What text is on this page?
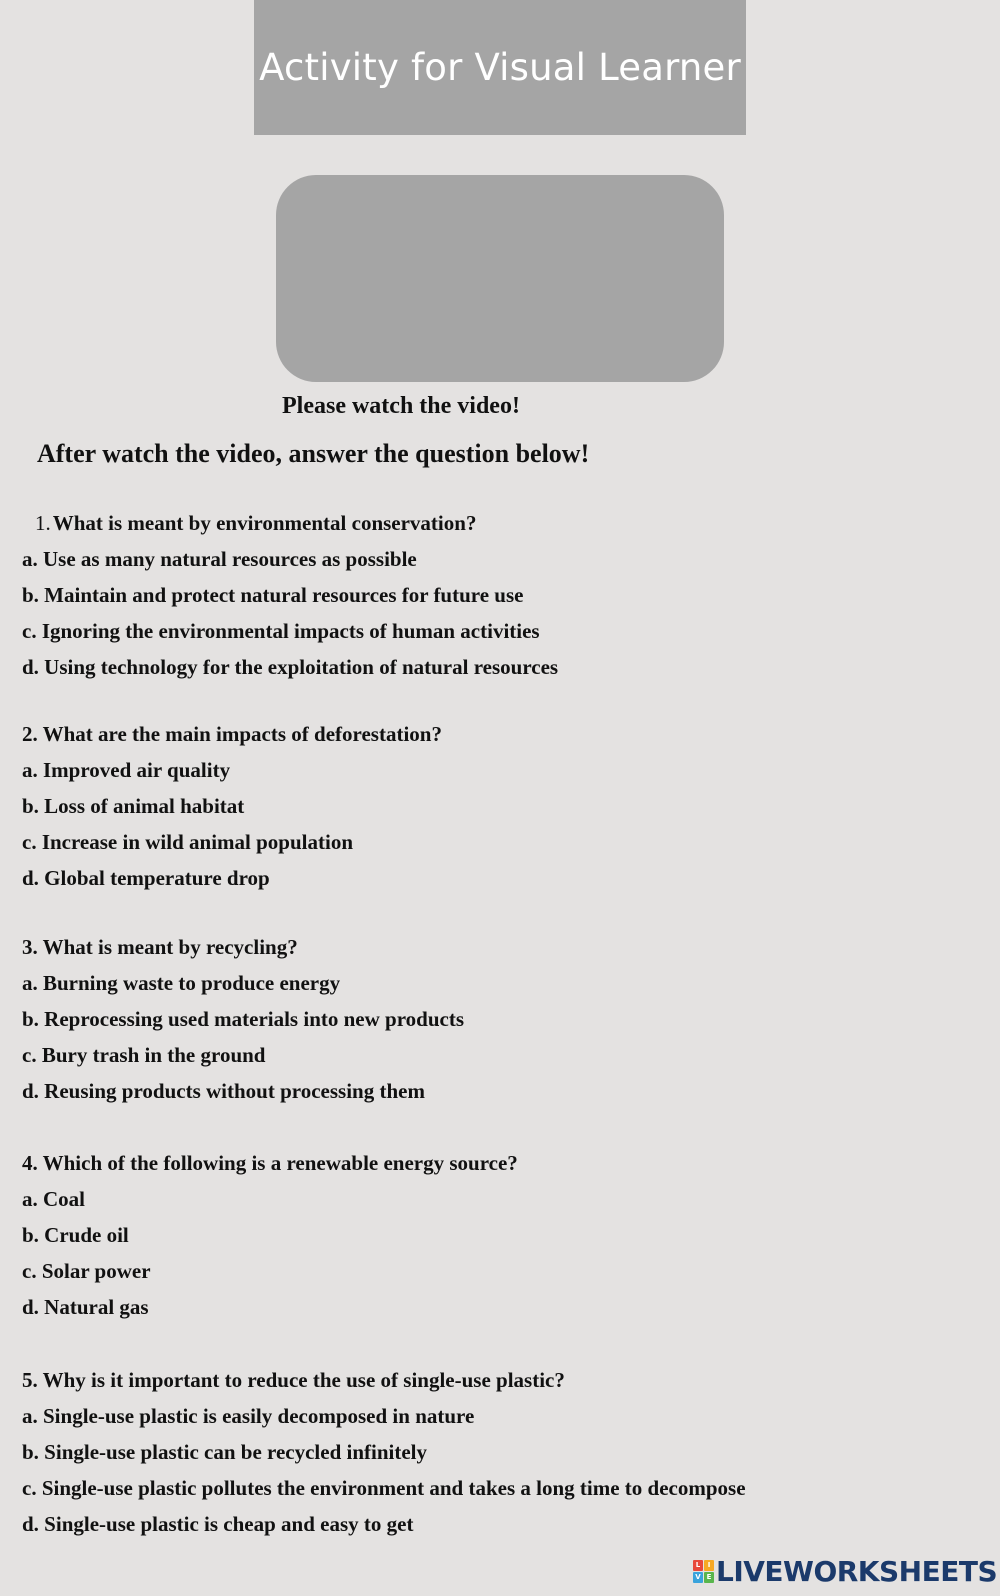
Activity for Visual Learner
Please watch the video!
After watch the video, answer the question below!
1.What is meant by environmental conservation?
a. Use as many natural resources as possible
b. Maintain and protect natural resources for future use
c. Ignoring the environmental impacts of human activities
d. Using technology for the exploitation of natural resources
2. What are the main impacts of deforestation?
a. Improved air quality
b. Loss of animal habitat
c. Increase in wild animal population
d. Global temperature drop
3. What is meant by recycling?
a. Burning waste to produce energy
b. Reprocessing used materials into new products
c. Bury trash in the ground
d. Reusing products without processing them
4. Which of the following is a renewable energy source?
a. Coal
b. Crude oil
c. Solar power
d. Natural gas
5. Why is it important to reduce the use of single-use plastic?
a. Single-use plastic is easily decomposed in nature
b. Single-use plastic can be recycled infinitely
c. Single-use plastic pollutes the environment and takes a long time to decompose
d. Single-use plastic is cheap and easy to get
L	I
V E LIVEWORKSHEETS
